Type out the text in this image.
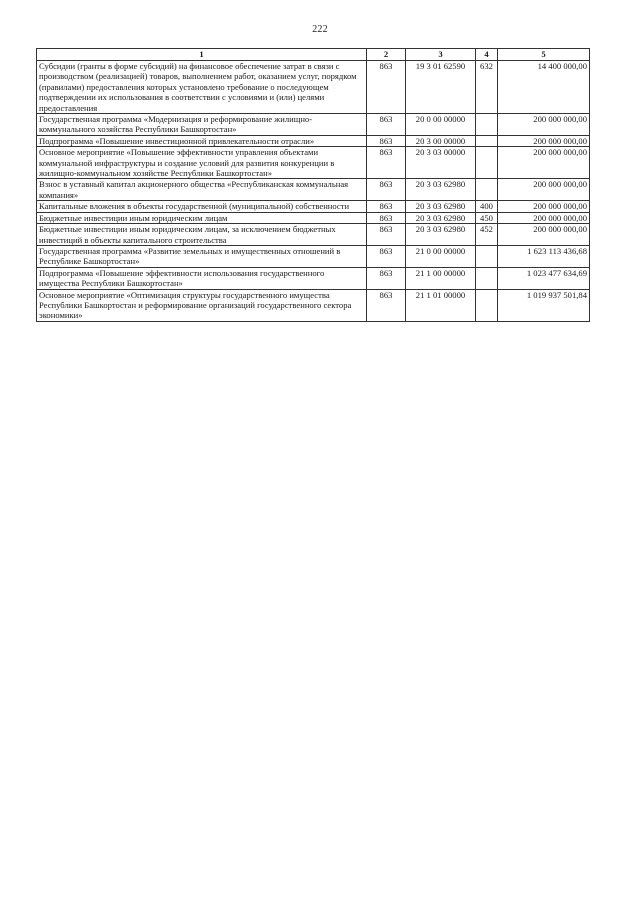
222
1	2	3	4	5
Субсидии (гранты в форме субсидий) на финансовое обеспечение затрат в связи с производством (реализацией) товаров, выполнением работ, оказанием услуг, порядком (правилами) предоставления которых установлено требование о последующем подтверждении их использования в соответствии с условиями и (или) целями предоставления	863	19 3 01 62590	632	14 400 000,00
Государственная программа «Модернизация и реформирование жилищно-коммунального хозяйства Республики Башкортостан»	863	20 0 00 00000		200 000 000,00
Подпрограмма «Повышение инвестиционной привлекательности отрасли»	863	20 3 00 00000		200 000 000,00
Основное мероприятие «Повышение эффективности управления объектами коммунальной инфраструктуры и создание условий для развития конкуренции в жилищно-коммунальном хозяйстве Республики Башкортостан»	863	20 3 03 00000		200 000 000,00
Взнос в уставный капитал акционерного общества «Республиканская коммунальная компания»	863	20 3 03 62980		200 000 000,00
Капитальные вложения в объекты государственной (муниципальной) собственности	863	20 3 03 62980	400	200 000 000,00
Бюджетные инвестиции иным юридическим лицам	863	20 3 03 62980	450	200 000 000,00
Бюджетные инвестиции иным юридическим лицам, за исключением бюджетных инвестиций в объекты капитального строительства	863	20 3 03 62980	452	200 000 000,00
Государственная программа «Развитие земельных и имущественных отношений в Республике Башкортостан»	863	21 0 00 00000		1 623 113 436,68
Подпрограмма «Повышение эффективности использования государственного имущества Республики Башкортостан»	863	21 1 00 00000		1 023 477 634,69
Основное мероприятие «Оптимизация структуры государственного имущества Республики Башкортостан и реформирование организаций государственного сектора экономики»	863	21 1 01 00000		1 019 937 501,84
